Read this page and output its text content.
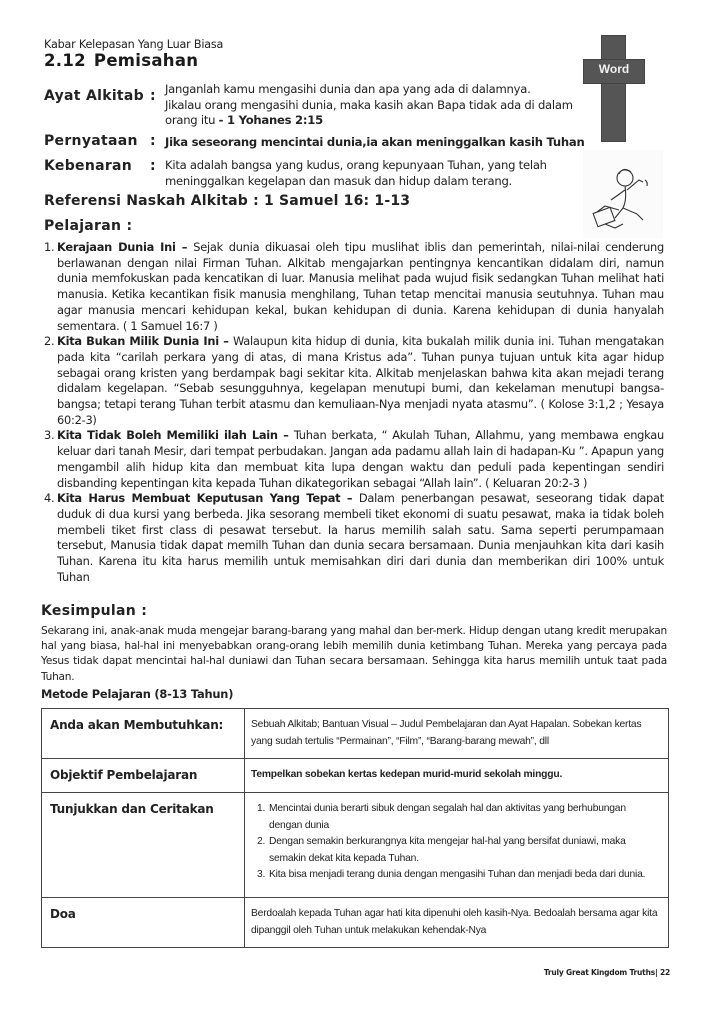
Kabar Kelepasan Yang Luar Biasa
2.12 Pemisahan	Word
Ayat Alkitab : Janganlah kamu mengasihi dunia dan apa yang ada di dalamnya.
Jikalau orang mengasihi dunia, maka kasih akan Bapa tidak ada di dalam
orang itu - 1 Yohanes 2:15
Pernyataan : Jika seseorang mencintai dunia,ia akan meninggalkan kasih Tuhan
Kebenaran : Kita adalah bangsa yang kudus, orang kepunyaan Tuhan, yang telah
meninggalkan kegelapan dan masuk dan hidup dalam terang.
Referensi Naskah Alkitab : 1 Samuel 16: 1-13
Pelajaran :
1. Kerajaan Dunia Ini – Sejak dunia dikuasai oleh tipu muslihat iblis dan pemerintah, nilai-nilai cenderung berlawanan dengan nilai Firman Tuhan. Alkitab mengajarkan pentingnya kencantikan didalam diri, namun dunia memfokuskan pada kencatikan di luar. Manusia melihat pada wujud fisik sedangkan Tuhan melihat hati manusia. Ketika kecantikan fisik manusia menghilang, Tuhan tetap mencitai manusia seutuhnya. Tuhan mau agar manusia mencari kehidupan kekal, bukan kehidupan di dunia. Karena kehidupan di dunia hanyalah sementara. ( 1 Samuel 16:7 )
2. Kita Bukan Milik Dunia Ini – Walaupun kita hidup di dunia, kita bukalah milik dunia ini. Tuhan mengatakan pada kita “carilah perkara yang di atas, di mana Kristus ada”. Tuhan punya tujuan untuk kita agar hidup sebagai orang kristen yang berdampak bagi sekitar kita. Alkitab menjelaskan bahwa kita akan mejadi terang didalam kegelapan. “Sebab sesungguhnya, kegelapan menutupi bumi, dan kekelaman menutupi bangsa-bangsa; tetapi terang Tuhan terbit atasmu dan kemuliaan-Nya menjadi nyata atasmu”. ( Kolose 3:1,2 ; Yesaya 60:2-3)
3. Kita Tidak Boleh Memiliki ilah Lain – Tuhan berkata, “ Akulah Tuhan, Allahmu, yang membawa engkau keluar dari tanah Mesir, dari tempat perbudakan. Jangan ada padamu allah lain di hadapan-Ku ”. Apapun yang mengambil alih hidup kita dan membuat kita lupa dengan waktu dan peduli pada kepentingan sendiri disbanding kepentingan kita kepada Tuhan dikategorikan sebagai “Allah lain”. ( Keluaran 20:2-3 )
4. Kita Harus Membuat Keputusan Yang Tepat – Dalam penerbangan pesawat, seseorang tidak dapat duduk di dua kursi yang berbeda. Jika sesorang membeli tiket ekonomi di suatu pesawat, maka ia tidak boleh membeli tiket first class di pesawat tersebut. Ia harus memilih salah satu. Sama seperti perumpamaan tersebut, Manusia tidak dapat memilh Tuhan dan dunia secara bersamaan. Dunia menjauhkan kita dari kasih Tuhan. Karena itu kita harus memilih untuk memisahkan diri dari dunia dan memberikan diri 100% untuk Tuhan
Kesimpulan :
Sekarang ini, anak-anak muda mengejar barang-barang yang mahal dan ber-merk. Hidup dengan utang kredit merupakan hal yang biasa, hal-hal ini menyebabkan orang-orang lebih memilih dunia ketimbang Tuhan. Mereka yang percaya pada Yesus tidak dapat mencintai hal-hal duniawi dan Tuhan secara bersamaan. Sehingga kita harus memilih untuk taat pada Tuhan.
Metode Pelajaran (8-13 Tahun)
Anda akan Membutuhkan:	Sebuah Alkitab; Bantuan Visual – Judul Pembelajaran dan Ayat Hapalan. Sobekan kertas yang sudah tertulis “Permainan”, “Film”, “Barang-barang mewah”, dll
Objektif Pembelajaran	Tempelkan sobekan kertas kedepan murid-murid sekolah minggu.
Tunjukkan dan Ceritakan	1. Mencintai dunia berarti sibuk dengan segalah hal dan aktivitas yang berhubungan dengan dunia
2. Dengan semakin berkurangnya kita mengejar hal-hal yang bersifat duniawi, maka semakin dekat kita kepada Tuhan.
3. Kita bisa menjadi terang dunia dengan mengasihi Tuhan dan menjadi beda dari dunia.

Doa	Berdoalah kepada Tuhan agar hati kita dipenuhi oleh kasih-Nya. Bedoalah bersama agar kita dipanggil oleh Tuhan untuk melakukan kehendak-Nya
Truly Great Kingdom Truths| 22
